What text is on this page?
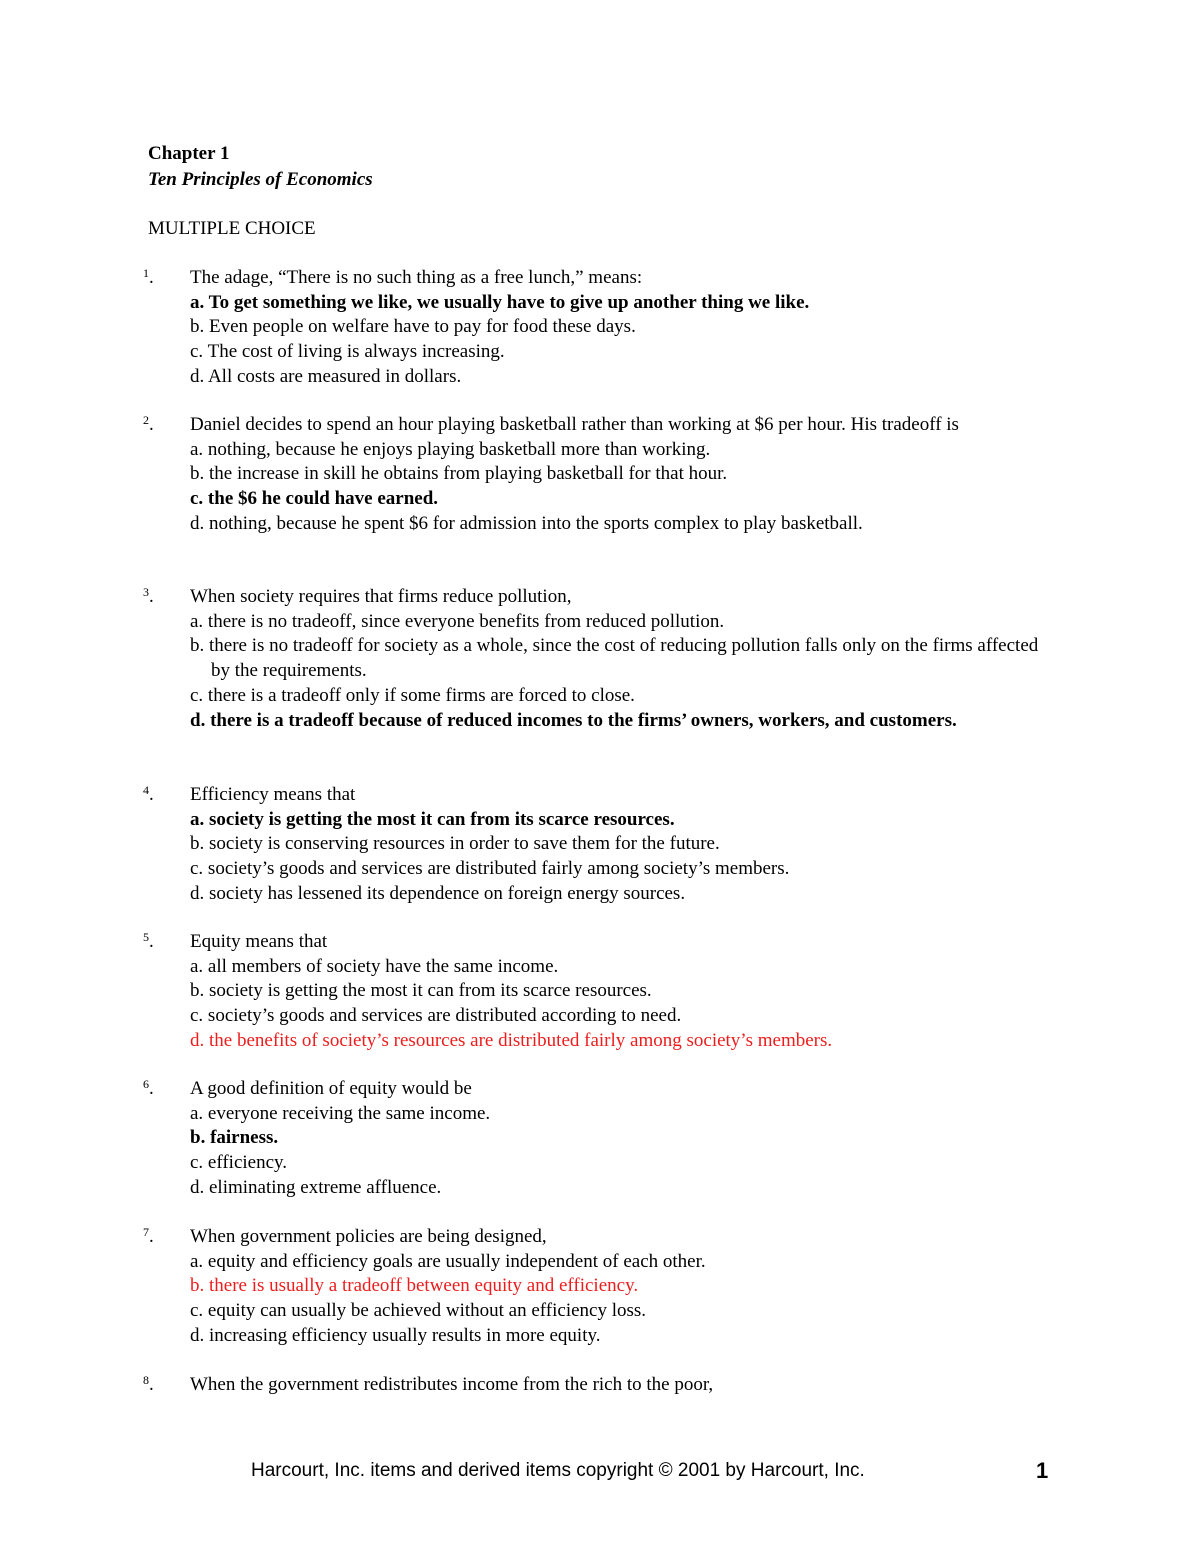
Chapter 1
Ten Principles of Economics
MULTIPLE CHOICE
$^1$. The adage, “There is no such thing as a free lunch,” means:
a. To get something we like, we usually have to give up another thing we like.
b. Even people on welfare have to pay for food these days.
c. The cost of living is always increasing.
d. All costs are measured in dollars.
$^2$. Daniel decides to spend an hour playing basketball rather than working at $6 per hour. His tradeoff is
a. nothing, because he enjoys playing basketball more than working.
b. the increase in skill he obtains from playing basketball for that hour.
c. the $6 he could have earned.
d. nothing, because he spent $6 for admission into the sports complex to play basketball.
$^3$. When society requires that firms reduce pollution,
a. there is no tradeoff, since everyone benefits from reduced pollution.
b. there is no tradeoff for society as a whole, since the cost of reducing pollution falls only on the firms affected by the requirements.
c. there is a tradeoff only if some firms are forced to close.
d. there is a tradeoff because of reduced incomes to the firms’ owners, workers, and customers.
$^4$. Efficiency means that
a. society is getting the most it can from its scarce resources.
b. society is conserving resources in order to save them for the future.
c. society’s goods and services are distributed fairly among society’s members.
d. society has lessened its dependence on foreign energy sources.
$^5$. Equity means that
a. all members of society have the same income.
b. society is getting the most it can from its scarce resources.
c. society’s goods and services are distributed according to need.
d. the benefits of society’s resources are distributed fairly among society’s members.
$^6$. A good definition of equity would be
a. everyone receiving the same income.
b. fairness.
c. efficiency.
d. eliminating extreme affluence.
$^7$. When government policies are being designed,
a. equity and efficiency goals are usually independent of each other.
b. there is usually a tradeoff between equity and efficiency.
c. equity can usually be achieved without an efficiency loss.
d. increasing efficiency usually results in more equity.
$^8$. When the government redistributes income from the rich to the poor,
Harcourt, Inc. items and derived items copyright © 2001 by Harcourt, Inc.	1
